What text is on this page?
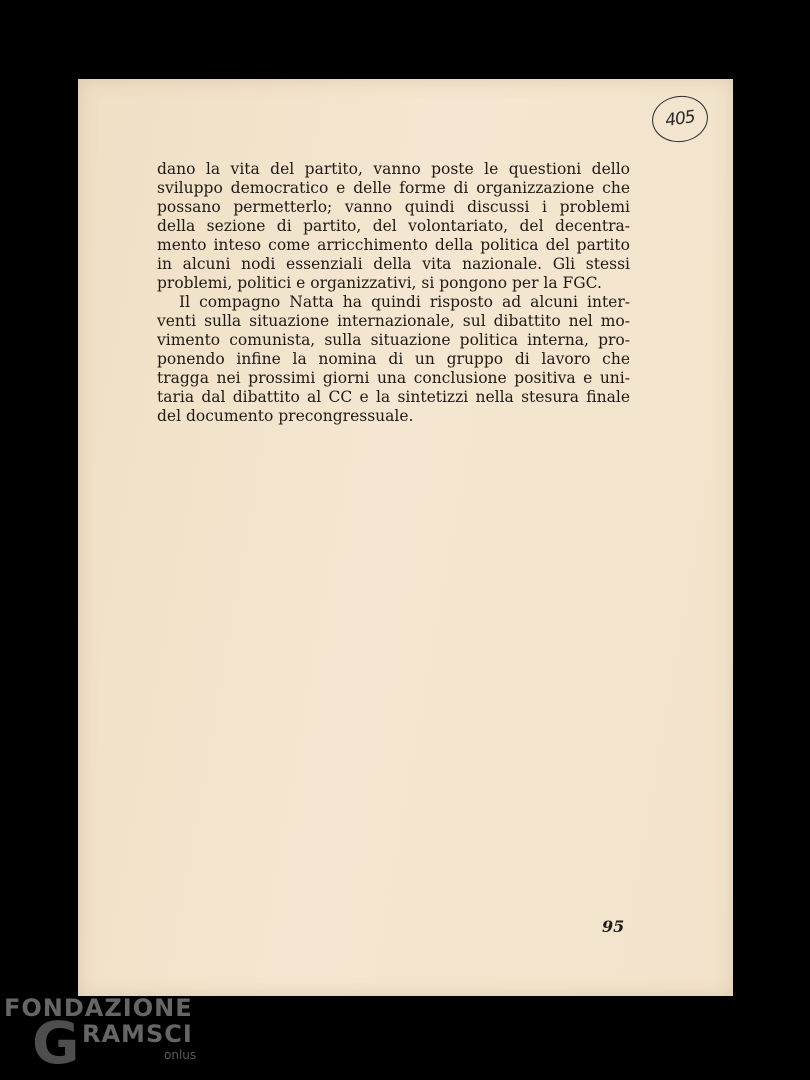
405
dano la vita del partito, vanno poste le questioni dello
sviluppo democratico e delle forme di organizzazione che
possano permetterlo; vanno quindi discussi i problemi
della sezione di partito, del volontariato, del decentra-
mento inteso come arricchimento della politica del partito
in alcuni nodi essenziali della vita nazionale. Gli stessi
problemi, politici e organizzativi, si pongono per la FGC.
Il compagno Natta ha quindi risposto ad alcuni inter-
venti sulla situazione internazionale, sul dibattito nel mo-
vimento comunista, sulla situazione politica interna, pro-
ponendo infine la nomina di un gruppo di lavoro che
tragga nei prossimi giorni una conclusione positiva e uni-
taria dal dibattito al CC e la sintetizzi nella stesura finale
del documento precongressuale.
95
FONDAZIONE
G RAMSCI
onlus
